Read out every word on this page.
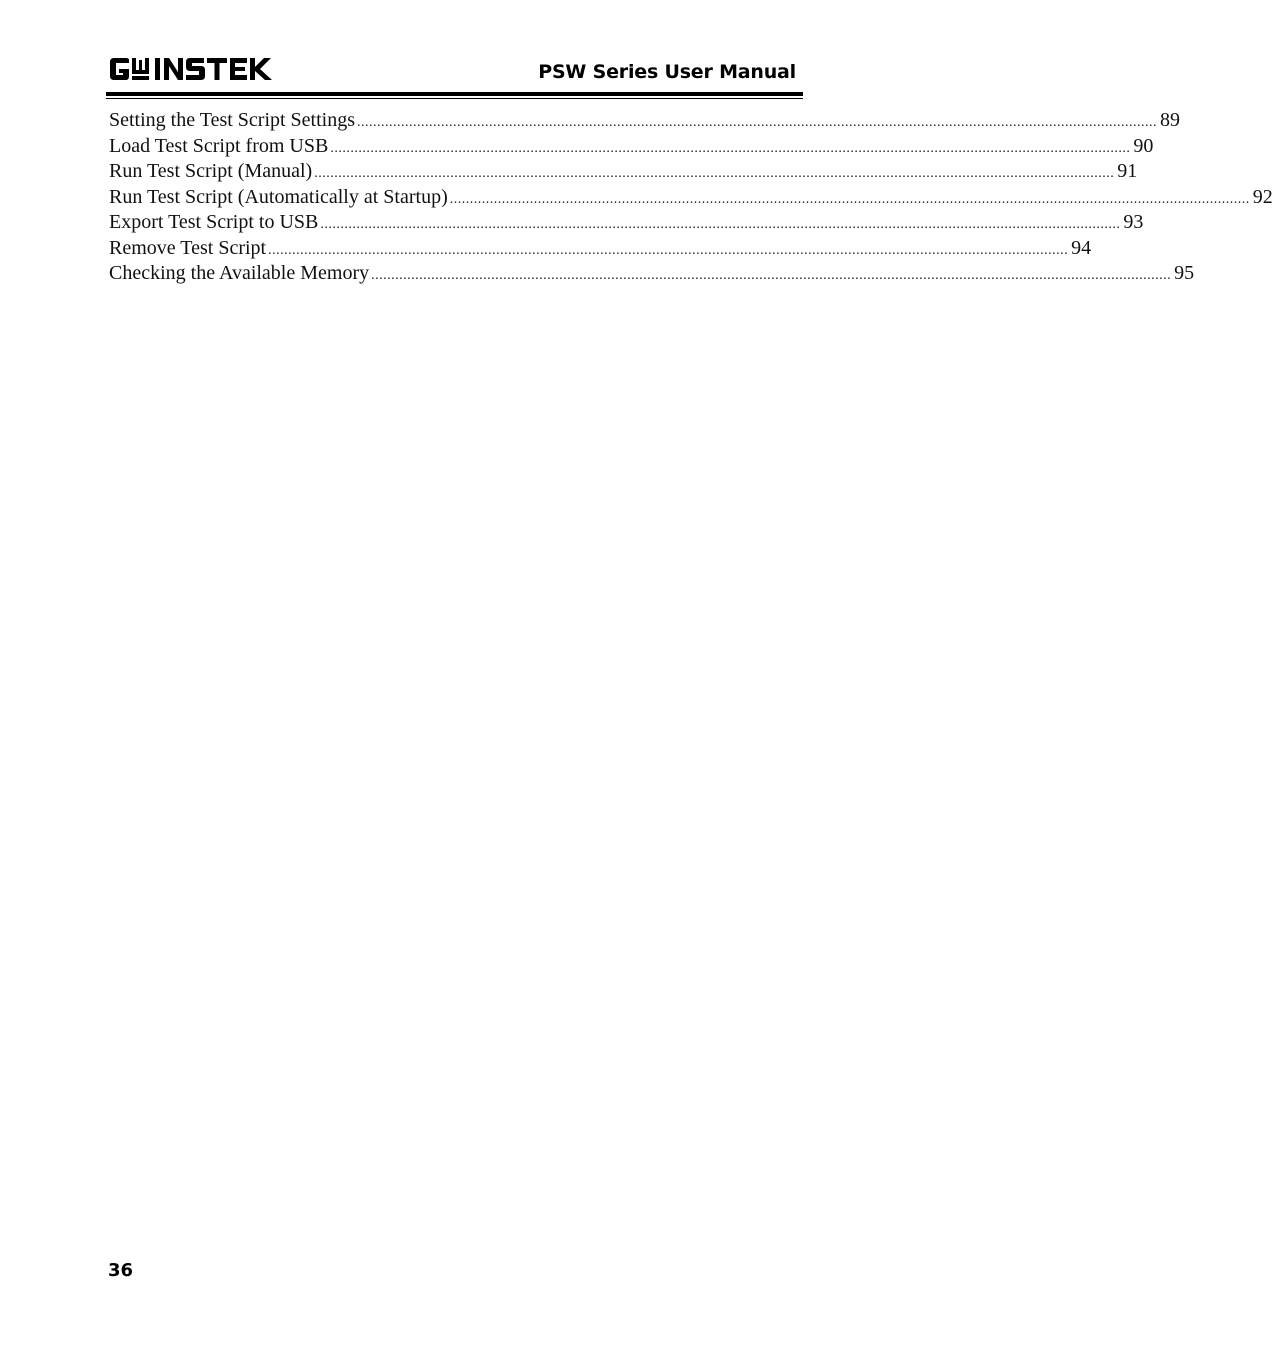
PSW Series User Manual
Setting the Test Script Settings ........................................................................................................................................................................................................ 89
Load Test Script from USB ........................................................................................................................................................................................................ 90
Run Test Script (Manual) ........................................................................................................................................................................................................ 91
Run Test Script (Automatically at Startup) ........................................................................................................................................................................................................ 92
Export Test Script to USB ........................................................................................................................................................................................................ 93
Remove Test Script ........................................................................................................................................................................................................ 94
Checking the Available Memory ........................................................................................................................................................................................................ 95
36
